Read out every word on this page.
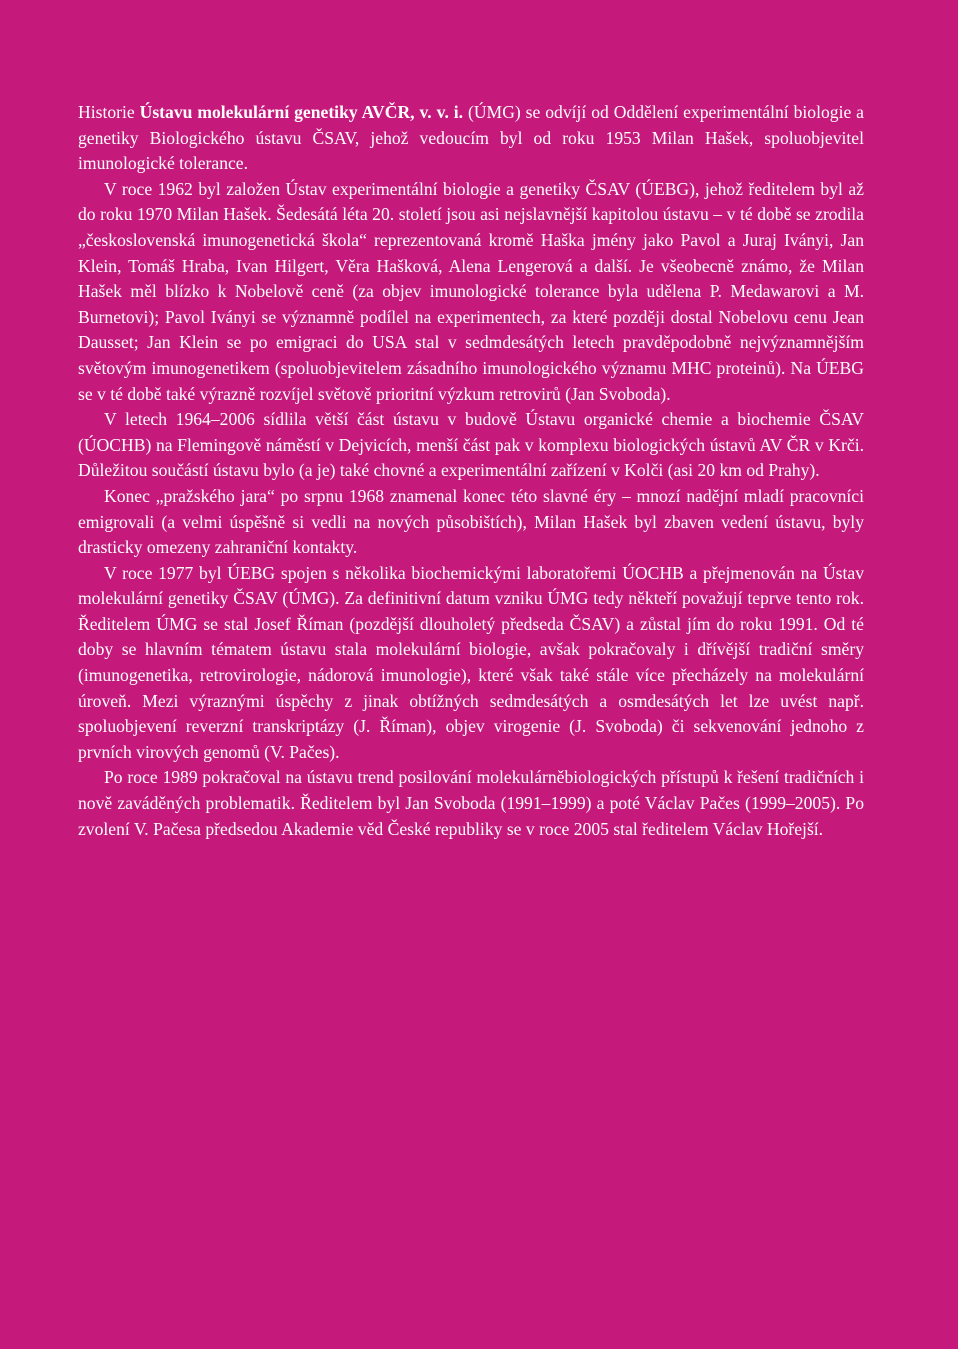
Historie Ústavu molekulární genetiky AVČR, v. v. i. (ÚMG) se odvíjí od Oddělení experimentální biologie a genetiky Biologického ústavu ČSAV, jehož vedoucím byl od roku 1953 Milan Hašek, spoluobjevitel imunologické tolerance.

V roce 1962 byl založen Ústav experimentální biologie a genetiky ČSAV (ÚEBG), jehož ředitelem byl až do roku 1970 Milan Hašek. Šedesátá léta 20. století jsou asi nejslavnější kapitolou ústavu – v té době se zrodila „československá imunogenetická škola“ reprezentovaná kromě Haška jmény jako Pavol a Juraj Iványi, Jan Klein, Tomáš Hraba, Ivan Hilgert, Věra Hašková, Alena Lengerová a další. Je všeobecně známo, že Milan Hašek měl blízko k Nobelově ceně (za objev imunologické tolerance byla udělena P. Medawarovi a M. Burnetovi); Pavol Iványi se významně podílel na experimentech, za které později dostal Nobelovu cenu Jean Dausset; Jan Klein se po emigraci do USA stal v sedmdesátých letech pravděpodobně nejvýznamnějším světovým imunogenetikem (spoluobjevitelem zásadního imunologického významu MHC proteinů). Na ÚEBG se v té době také výrazně rozvíjel světově prioritní výzkum retrovirů (Jan Svoboda).

V letech 1964–2006 sídlila větší část ústavu v budově Ústavu organické chemie a biochemie ČSAV (ÚOCHB) na Flemingově náměstí v Dejvicích, menší část pak v komplexu biologických ústavů AV ČR v Krči. Důležitou součástí ústavu bylo (a je) také chovné a experimentální zařízení v Kolči (asi 20 km od Prahy).

Konec „pražského jara“ po srpnu 1968 znamenal konec této slavné éry – mnozí nadějní mladí pracovníci emigrovali (a velmi úspěšně si vedli na nových působištích), Milan Hašek byl zbaven vedení ústavu, byly drasticky omezeny zahraniční kontakty.

V roce 1977 byl ÚEBG spojen s několika biochemickými laboratořemi ÚOCHB a přejmenován na Ústav molekulární genetiky ČSAV (ÚMG). Za definitivní datum vzniku ÚMG tedy někteří považují teprve tento rok. Ředitelem ÚMG se stal Josef Říman (pozdější dlouholetý předseda ČSAV) a zůstal jím do roku 1991. Od té doby se hlavním tématem ústavu stala molekulární biologie, avšak pokračovaly i dřívější tradiční směry (imunogenetika, retrovirologie, nádorová imunologie), které však také stále více přecházely na molekulární úroveň. Mezi výraznými úspěchy z jinak obtížných sedmdesátých a osmdesátých let lze uvést např. spoluobjevení reverzní transkriptázy (J. Říman), objev virogenie (J. Svoboda) či sekvenování jednoho z prvních virových genomů (V. Pačes).

Po roce 1989 pokračoval na ústavu trend posilování molekulárněbiologických přístupů k řešení tradičních i nově zaváděných problematik. Ředitelem byl Jan Svoboda (1991–1999) a poté Václav Pačes (1999–2005). Po zvolení V. Pačesa předsedou Akademie věd České republiky se v roce 2005 stal ředitelem Václav Hořejší.
